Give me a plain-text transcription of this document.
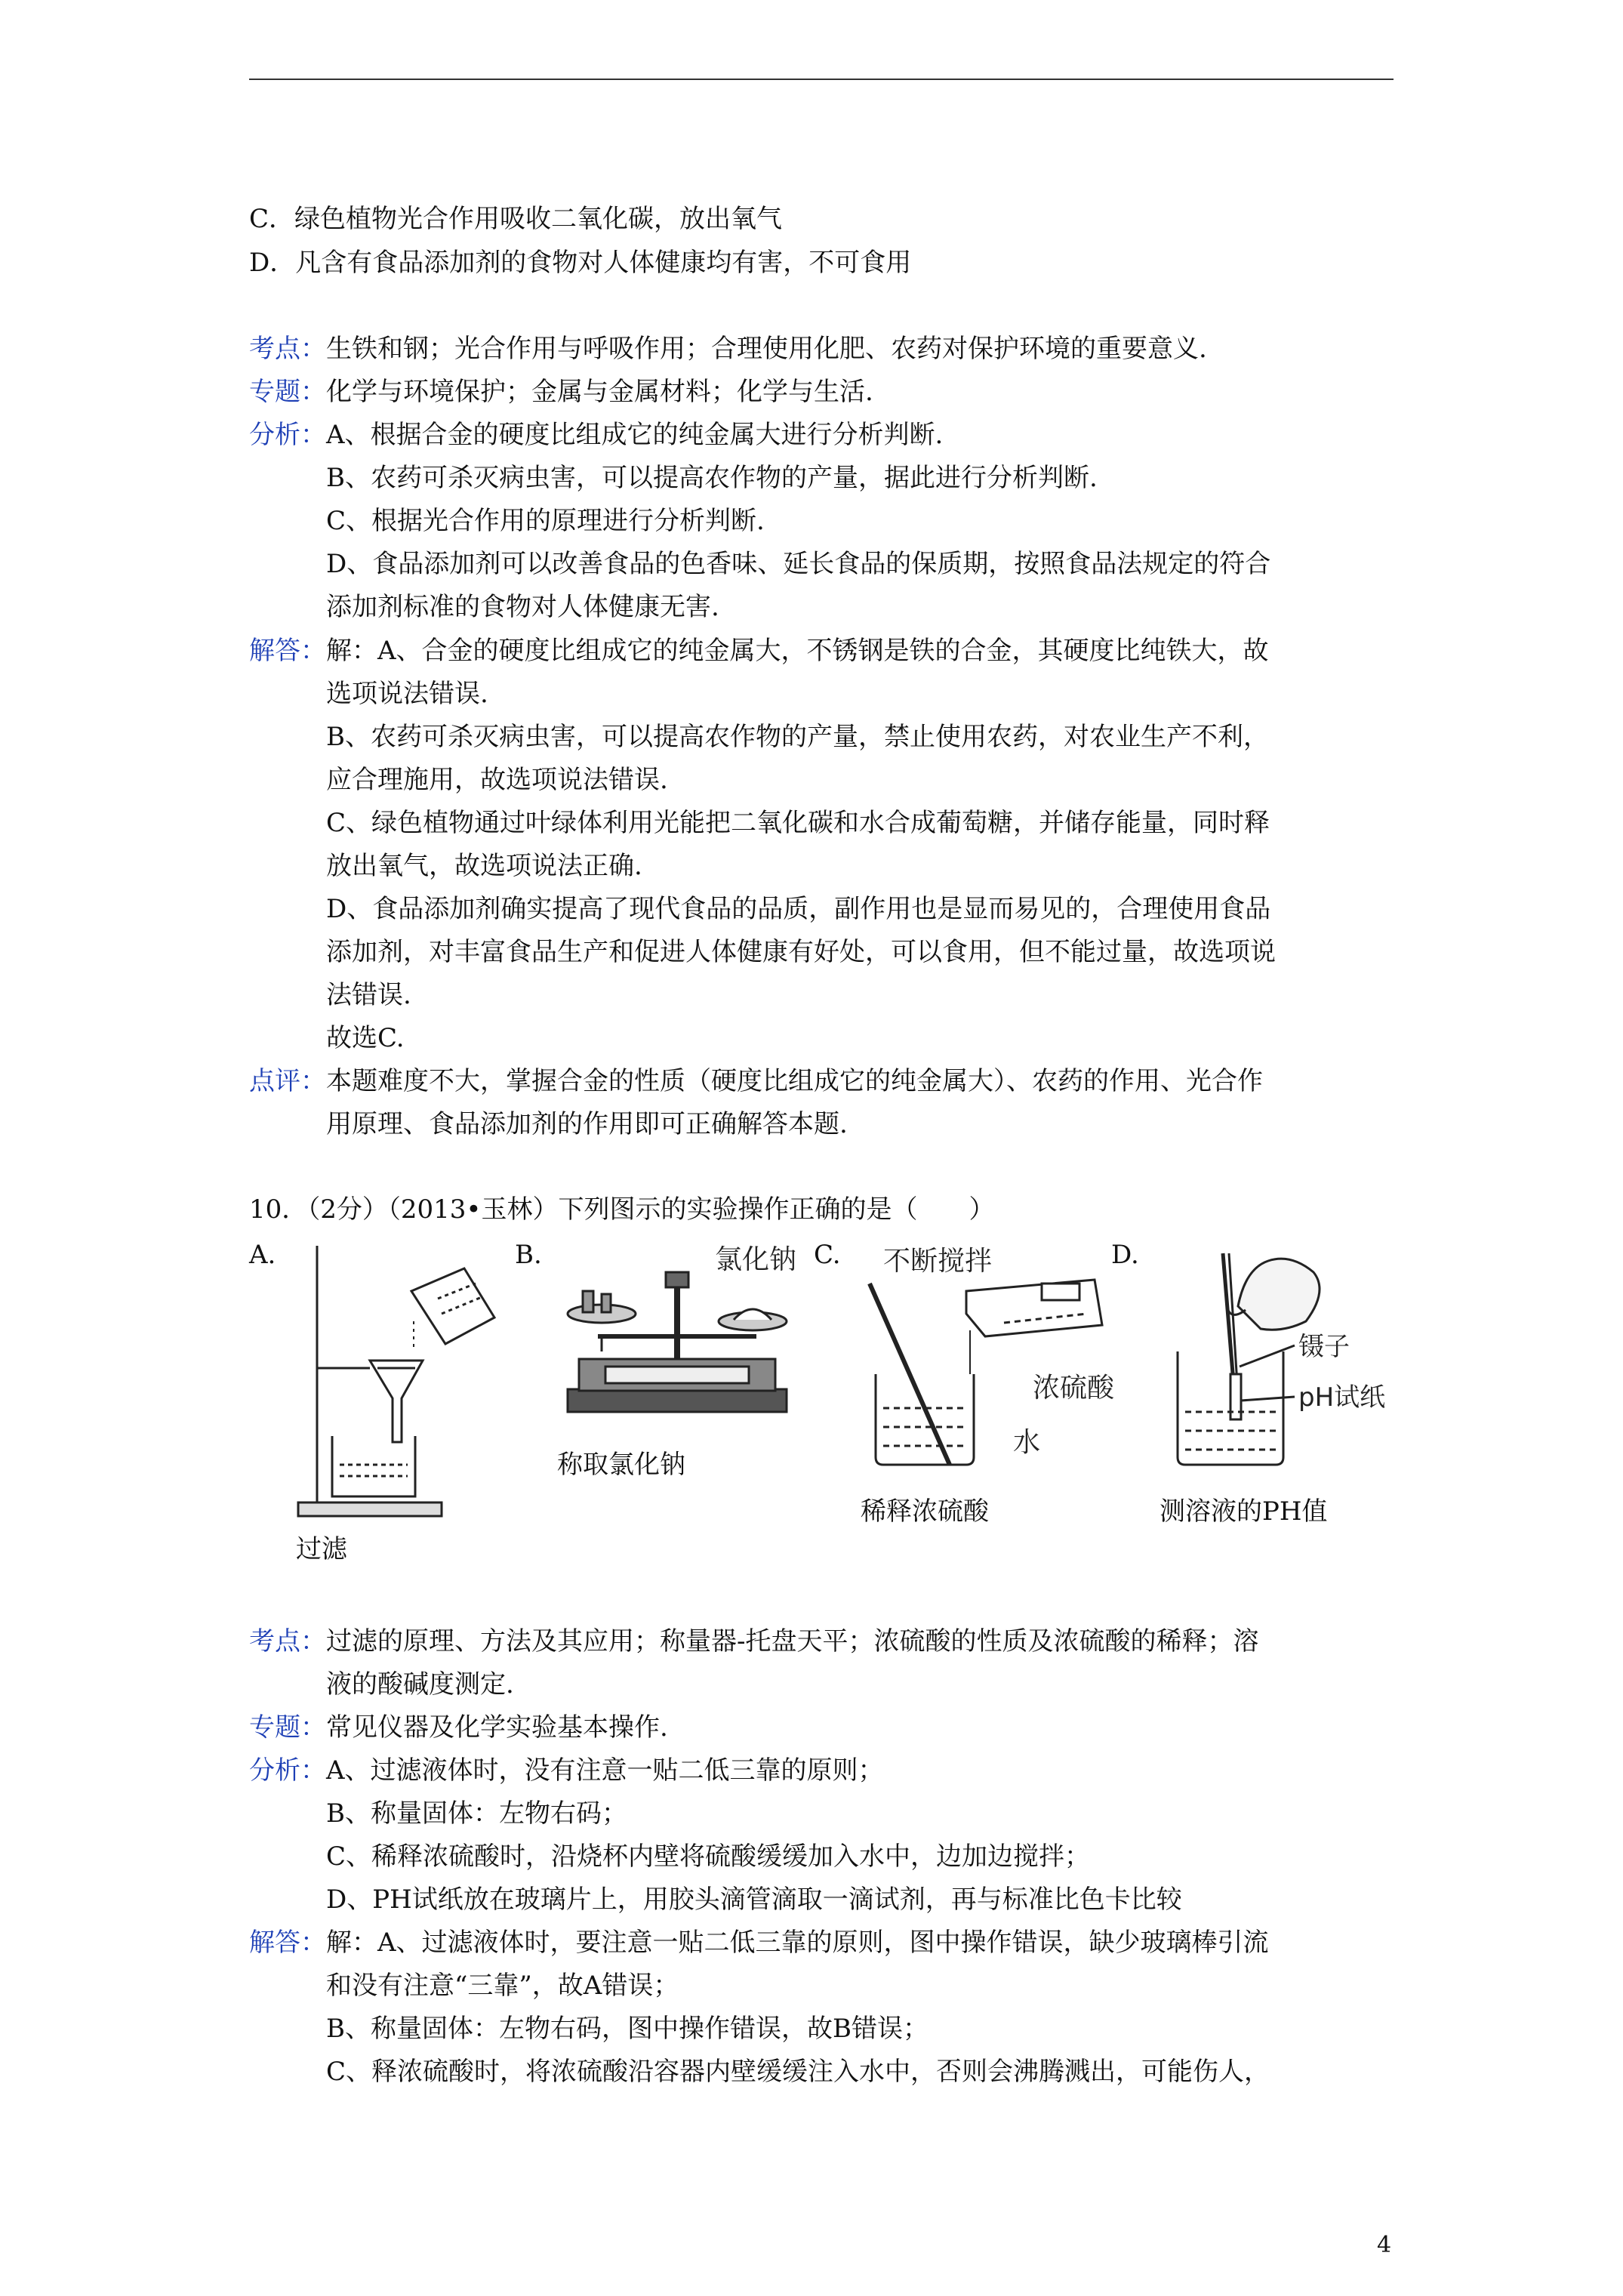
C．绿色植物光合作用吸收二氧化碳，放出氧气
D．凡含有食品添加剂的食物对人体健康均有害，不可食用
考点：生铁和钢；光合作用与呼吸作用；合理使用化肥、农药对保护环境的重要意义.
专题：化学与环境保护；金属与金属材料；化学与生活.
分析：A、根据合金的硬度比组成它的纯金属大进行分析判断.
B、农药可杀灭病虫害，可以提高农作物的产量，据此进行分析判断.
C、根据光合作用的原理进行分析判断.
D、食品添加剂可以改善食品的色香味、延长食品的保质期，按照食品法规定的符合
添加剂标准的食物对人体健康无害.
解答：解：A、合金的硬度比组成它的纯金属大，不锈钢是铁的合金，其硬度比纯铁大，故
选项说法错误.
B、农药可杀灭病虫害，可以提高农作物的产量，禁止使用农药，对农业生产不利，
应合理施用，故选项说法错误.
C、绿色植物通过叶绿体利用光能把二氧化碳和水合成葡萄糖，并储存能量，同时释
放出氧气，故选项说法正确.
D、食品添加剂确实提高了现代食品的品质，副作用也是显而易见的，合理使用食品
添加剂，对丰富食品生产和促进人体健康有好处，可以食用，但不能过量，故选项说
法错误.
故选C.
点评：本题难度不大，掌握合金的性质（硬度比组成它的纯金属大）、农药的作用、光合作
用原理、食品添加剂的作用即可正确解答本题.
10．（2分）（2013•玉林）下列图示的实验操作正确的是（　　）
A.	B.	C.	D.
过滤
氯化钠
称取氯化钠
不断搅拌
浓硫酸
水
稀释浓硫酸
镊子
pH试纸
测溶液的PH值
考点：过滤的原理、方法及其应用；称量器-托盘天平；浓硫酸的性质及浓硫酸的稀释；溶
液的酸碱度测定.
专题：常见仪器及化学实验基本操作.
分析：A、过滤液体时，没有注意一贴二低三靠的原则；
B、称量固体：左物右码；
C、稀释浓硫酸时，沿烧杯内壁将硫酸缓缓加入水中，边加边搅拌；
D、PH试纸放在玻璃片上，用胶头滴管滴取一滴试剂，再与标准比色卡比较
解答：解：A、过滤液体时，要注意一贴二低三靠的原则，图中操作错误，缺少玻璃棒引流
和没有注意“三靠”，故A错误；
B、称量固体：左物右码，图中操作错误，故B错误；
C、释浓硫酸时，将浓硫酸沿容器内壁缓缓注入水中，否则会沸腾溅出，可能伤人，
4
